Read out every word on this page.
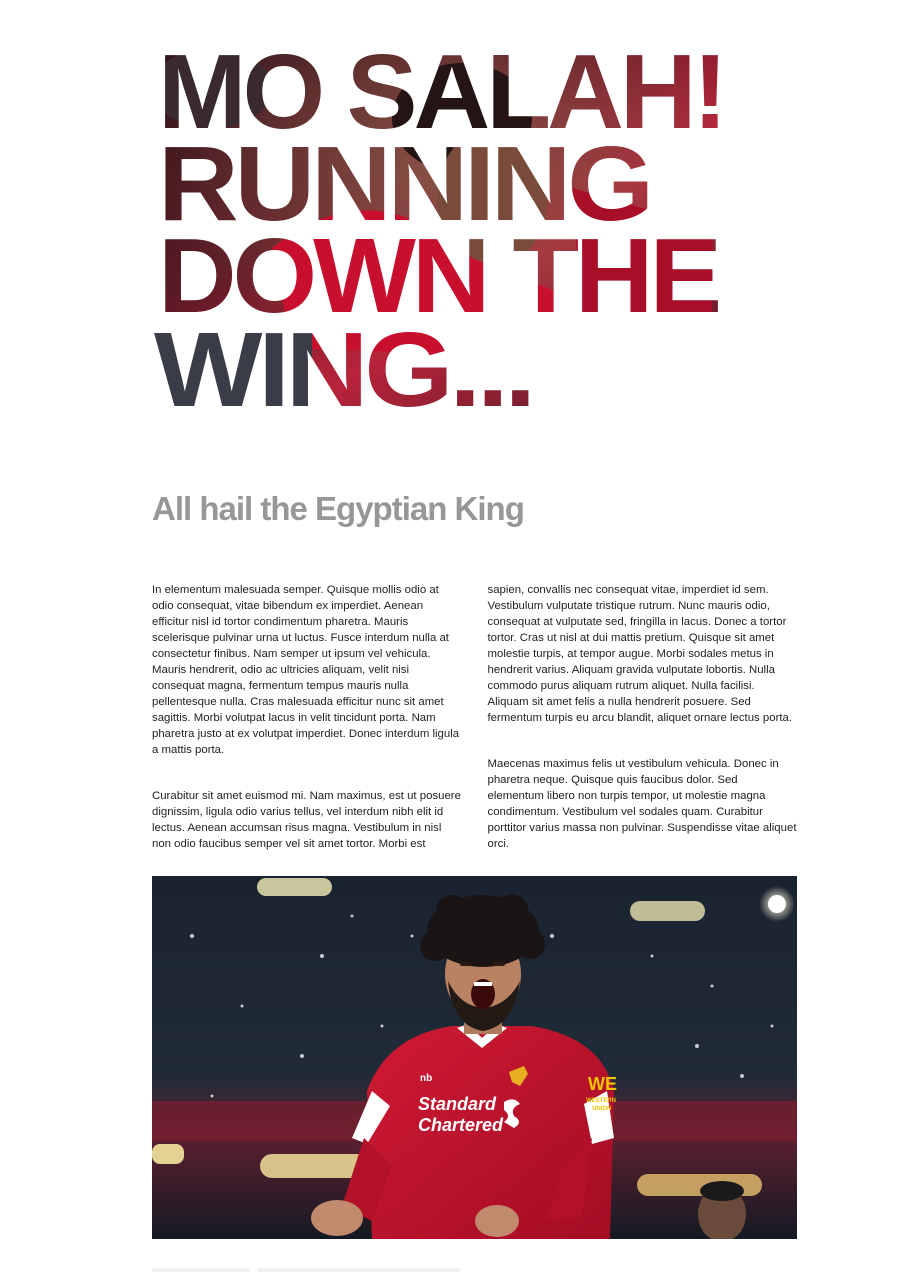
MO SALAH!
RUNNING
DOWN THE
WING...
All hail the Egyptian King

In elementum malesuada semper. Quisque mollis odio at odio consequat, vitae bibendum ex imperdiet. Aenean efficitur nisl id tortor condimentum pharetra. Mauris scelerisque pulvinar urna ut luctus. Fusce interdum nulla at consectetur finibus. Nam semper ut ipsum vel vehicula. Mauris hendrerit, odio ac ultricies aliquam, velit nisi consequat magna, fermentum tempus mauris nulla pellentesque nulla. Cras malesuada efficitur nunc sit amet sagittis. Morbi volutpat lacus in velit tincidunt porta. Nam pharetra justo at ex volutpat imperdiet. Donec interdum ligula a mattis porta.

Curabitur sit amet euismod mi. Nam maximus, est ut posuere dignissim, ligula odio varius tellus, vel interdum nibh elit id lectus. Aenean accumsan risus magna. Vestibulum in nisl non odio faucibus semper vel sit amet tortor. Morbi est sapien, convallis nec consequat vitae, imperdiet id sem. Vestibulum vulputate tristique rutrum. Nunc mauris odio, consequat at vulputate sed, fringilla in lacus. Donec a tortor tortor. Cras ut nisl at dui mattis pretium. Quisque sit amet molestie turpis, at tempor augue. Morbi sodales metus in hendrerit varius. Aliquam gravida vulputate lobortis. Nulla commodo purus aliquam rutrum aliquet. Nulla facilisi. Aliquam sit amet felis a nulla hendrerit posuere. Sed fermentum turpis eu arcu blandit, aliquet ornare lectus porta.

Maecenas maximus felis ut vestibulum vehicula. Donec in pharetra neque. Quisque quis faucibus dolor. Sed elementum libero non turpis tempor, ut molestie magna condimentum. Vestibulum vel sodales quam. Curabitur porttitor varius massa non pulvinar. Suspendisse vitae aliquet orci.

nb
Standard
Chartered
WE
WESTERN
UNION
